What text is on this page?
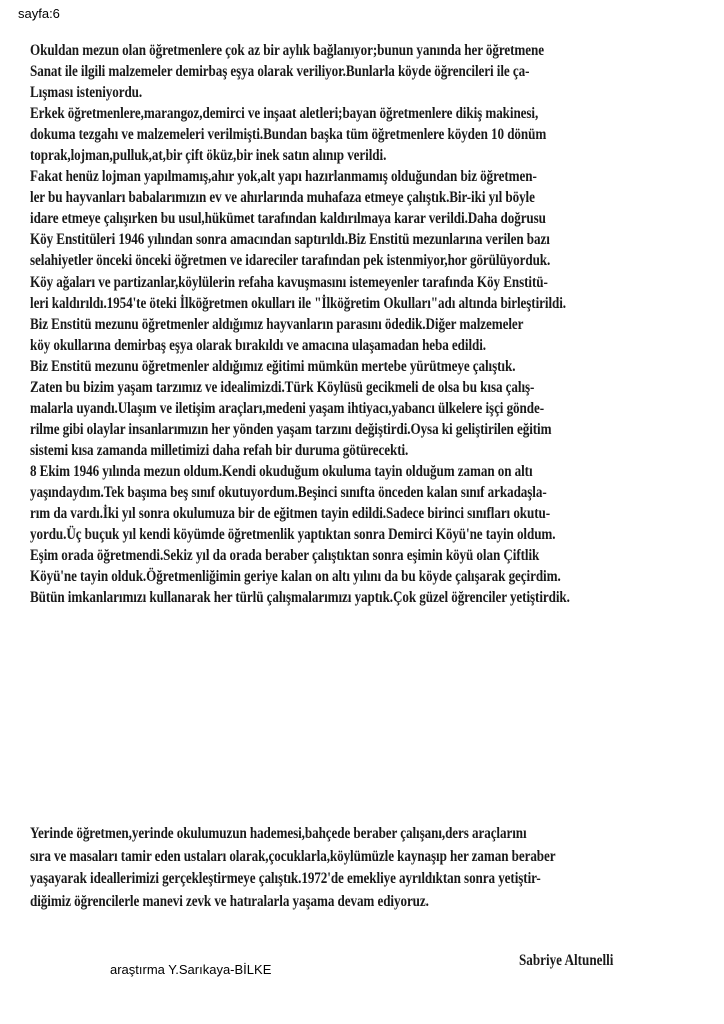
sayfa:6
Okuldan mezun olan öğretmenlere çok az bir aylık bağlanıyor;bunun yanında her öğretmene
Sanat ile ilgili malzemeler demirbaş eşya olarak veriliyor.Bunlarla köyde öğrencileri ile ça-
Lışması isteniyordu.
Erkek öğretmenlere,marangoz,demirci ve inşaat aletleri;bayan öğretmenlere dikiş makinesi,
dokuma tezgahı ve malzemeleri verilmişti.Bundan başka tüm öğretmenlere köyden 10 dönüm
toprak,lojman,pulluk,at,bir çift öküz,bir inek satın alınıp verildi.
Fakat henüz lojman yapılmamış,ahır yok,alt yapı hazırlanmamış olduğundan biz öğretmen-
ler bu hayvanları babalarımızın ev ve ahırlarında muhafaza etmeye çalıştık.Bir-iki yıl böyle
idare etmeye çalışırken bu usul,hükümet tarafından kaldırılmaya karar verildi.Daha doğrusu
Köy Enstitüleri 1946 yılından sonra amacından saptırıldı.Biz Enstitü mezunlarına verilen bazı
selahiyetler önceki önceki öğretmen ve idareciler tarafından pek istenmiyor,hor görülüyorduk.
Köy ağaları ve partizanlar,köylülerin refaha kavuşmasını istemeyenler tarafında Köy Enstitü-
leri kaldırıldı.1954'te öteki İlköğretmen okulları ile "İlköğretim Okulları"adı altında birleştirildi.
Biz Enstitü mezunu öğretmenler aldığımız hayvanların parasını ödedik.Diğer malzemeler
köy okullarına demirbaş eşya olarak bırakıldı ve amacına ulaşamadan heba edildi.
Biz Enstitü mezunu öğretmenler aldığımız eğitimi mümkün mertebe yürütmeye çalıştık.
Zaten bu bizim yaşam tarzımız ve idealimizdi.Türk Köylüsü gecikmeli de olsa bu kısa çalış-
malarla uyandı.Ulaşım ve iletişim araçları,medeni yaşam ihtiyacı,yabancı ülkelere işçi gönde-
rilme gibi olaylar insanlarımızın her yönden yaşam tarzını değiştirdi.Oysa ki geliştirilen eğitim
sistemi kısa zamanda milletimizi daha refah bir duruma götürecekti.
8 Ekim 1946 yılında mezun oldum.Kendi okuduğum okuluma tayin olduğum zaman on altı
yaşındaydım.Tek başıma beş sınıf okutuyordum.Beşinci sınıfta önceden kalan sınıf arkadaşla-
rım da vardı.İki yıl sonra okulumuza bir de eğitmen tayin edildi.Sadece birinci sınıfları okutu-
yordu.Üç buçuk yıl kendi köyümde öğretmenlik yaptıktan sonra Demirci Köyü'ne tayin oldum.
Eşim orada öğretmendi.Sekiz yıl da orada beraber çalıştıktan sonra eşimin köyü olan Çiftlik
Köyü'ne tayin olduk.Öğretmenliğimin geriye kalan on altı yılını da bu köyde çalışarak geçirdim.
Bütün imkanlarımızı kullanarak her türlü çalışmalarımızı yaptık.Çok güzel öğrenciler yetiştirdik.
Yerinde öğretmen,yerinde okulumuzun hademesi,bahçede beraber çalışanı,ders araçlarını
sıra ve masaları tamir eden ustaları olarak,çocuklarla,köylümüzle kaynaşıp her zaman beraber
yaşayarak ideallerimizi gerçekleştirmeye çalıştık.1972'de emekliye ayrıldıktan sonra yetiştir-
diğimiz öğrencilerle manevi zevk ve hatıralarla yaşama devam ediyoruz.
araştırma Y.Sarıkaya-BİLKE
Sabriye Altunelli
